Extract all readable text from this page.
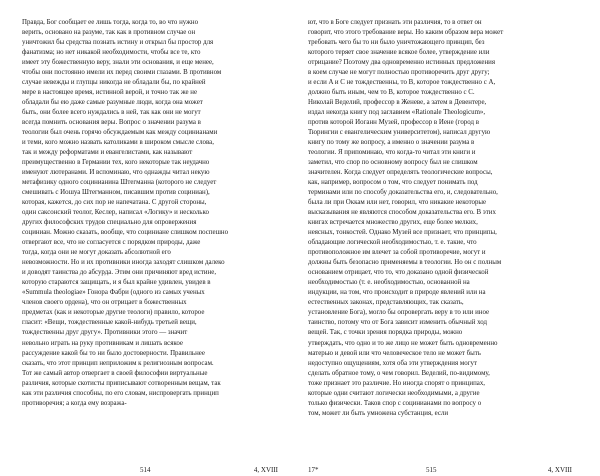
Правда, Бог сообщает ее лишь тогда, когда то, во что нужно
верить, основано на разуме, так как в противном случае он
уничтожил бы средства познать истину и открыл бы простор для
фанатизма; но нет никакой необходимости, чтобы все те, кто
имеет эту божественную веру, знали эти основания, и еще менее,
чтобы они постоянно имели их перед своими глазами. В противном
случае невежды и глупцы никогда не обладали бы, по крайней
мере в настоящее время, истинной верой, и точно так же не
обладали бы ею даже самые разумные люди, когда она может
быть, они более всего нуждались в ней, так как они не могут
всегда помнить основания веры. Вопрос о значении разума в
теологии был очень горячо обсуждаемым как между социнианами
и теми, кого можно назвать католиками в широком смысле слова,
так и между реформатами и евангелистами, как называют
преимущественно в Германии тех, кого некоторые так неудачно
именуют лютеранами. И вспоминаю, что однажды читал некую
метафизику одного социнианина Штегманна (которого не следует
смешивать с Иошуа Штегманном, писавшим против социниан),
которая, кажется, до сих пор не напечатана. С другой стороны,
один саксонский теолог, Кеслер, написал «Логику» и несколько
других философских трудов специально для опровержения
социниан. Можно сказать, вообще, что социниане слишком поспешно
отвергают все, что не согласуется с порядком природы, даже
тогда, когда они не могут доказать абсолютной его
невозможности. Но и их противники иногда заходят слишком далеко
и доводят таинства до абсурда. Этим они причиняют вред истине,
которую стараются защищать, и я был крайне удивлен, увидев в
«Summula theologiae» Гонора Фабри (одного из самых ученых
членов своего ордена), что он отрицает в божественных
предметах (как и некоторые другие теологи) правило, которое
гласит: «Вещи, тождественные какой-нибудь третьей вещи,
тождественны друг другу». Противники этого — значит
невольно играть на руку противникам и лишать всякое
рассуждение какой бы то ни было достоверности. Правильнее
сказать, что этот принцип неприложим к религиозным вопросам.
Тот же самый автор отвергает в своей философии виртуальные
различия, которые скотисты приписывают сотворенным вещам, так
как эти различия способны, по его словам, ниспровергать принцип
противоречия; а когда ему возража-
514	4, XVIII
ют, что в Боге следует признать эти различия, то в ответ он
говорит, что этого требование веры. Но каким образом вера может
требовать чего бы то ни было уничтожающего принцип, без
которого теряет свое значение всякое более, утверждение или
отрицание? Поэтому два одновременно истинных предложения
в коем случае не могут полностью противоречить друг другу;
и если A и C не тождественны, то B, которое тождественно с A,
должно быть иным, чем то B, которое тождественно с C.
Николай Веделий, профессор в Женеве, а затем в Девентере,
издал некогда книгу под заглавием «Rationale Theologicum»,
против которой Иоганн Музей, профессор в Иене (город в
Тюрингии с евангелическим университетом), написал другую
книгу по тому же вопросу, а именно о значении разума в
теологии. Я припоминаю, что когда-то читал эти книги и
заметил, что спор по основному вопросу был не слишком
значителен. Когда следует определять теологические вопросы,
как, например, вопросом о том, что следует понимать под
терминами или по способу доказательства его, и, следовательно,
была ли при Оккам или нет, говорил, что никакие некоторые
высказывания не являются способом доказательства его. В этих
книгах встречается множество других, еще более мелких,
неясных, тонкостей. Однако Музей все признает, что принципы,
обладающие логической необходимостью, т. е. такие, что
противоположное им влечет за собой противоречие, могут и
должны быть безопасно применяемы в теологии. Но он с полным
основанием отрицает, что то, что доказано одной физической
необходимостью (т. е. необходимостью, основанной на
индукции, на том, что происходит в природе явлений или на
естественных законах, представляющих, так сказать,
установление Бога), могло бы опровергать веру в то или иное
таинство, потому что от Бога зависит изменить обычный ход
вещей. Так, с точки зрения порядка природы, можно
утверждать, что одно и то же лицо не может быть одновременно
матерью и девой или что человеческое тело не может быть
недоступно ощущениям, хотя оба эти утверждения могут
сделать обратное тому, о чем говорил. Веделий, по-видимому,
тоже признает это различие. Но иногда спорят о принципах,
которые одни считают логически необходимыми, а другие
только физически. Таков спор с социнианами по вопросу о
том, может ли быть умножена субстанция, если
17*	515	4, XVIII
